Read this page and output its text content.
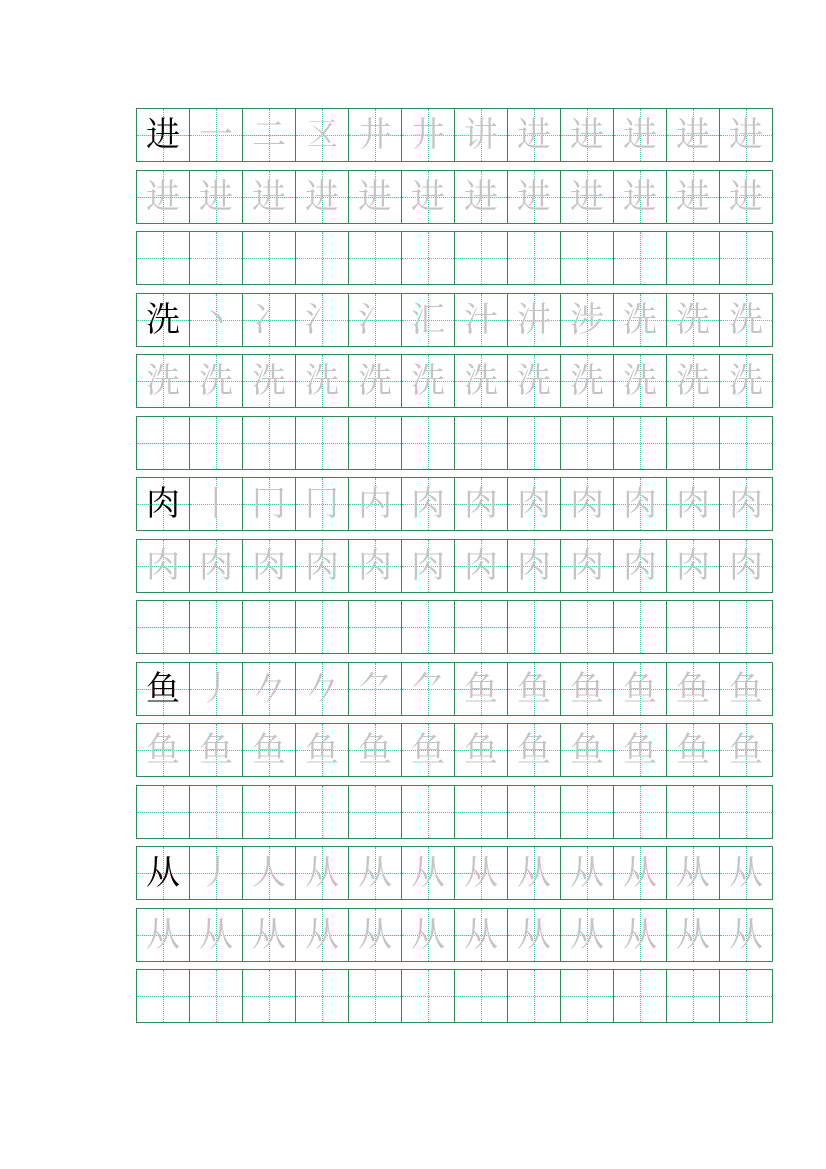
进 一 二 𠄡 井 井 讲 进 进 进 进 进
进 进 进 进 进 进 进 进 进 进 进 进
洗 丶 冫 氵 氵 汇 汁 汫 涉 洗 洗 洗
洗 洗 洗 洗 洗 洗 洗 洗 洗 洗 洗 洗
肉 丨 冂 冂 内 肉 肉 肉 肉 肉 肉 肉
肉 肉 肉 肉 肉 肉 肉 肉 肉 肉 肉 肉
鱼 丿 𠂊 𠂊 ⺈ ⺈ 鱼 鱼 鱼 鱼 鱼 鱼
鱼 鱼 鱼 鱼 鱼 鱼 鱼 鱼 鱼 鱼 鱼 鱼
从 丿 人 从 从 从 从 从 从 从 从 从
从 从 从 从 从 从 从 从 从 从 从 从
